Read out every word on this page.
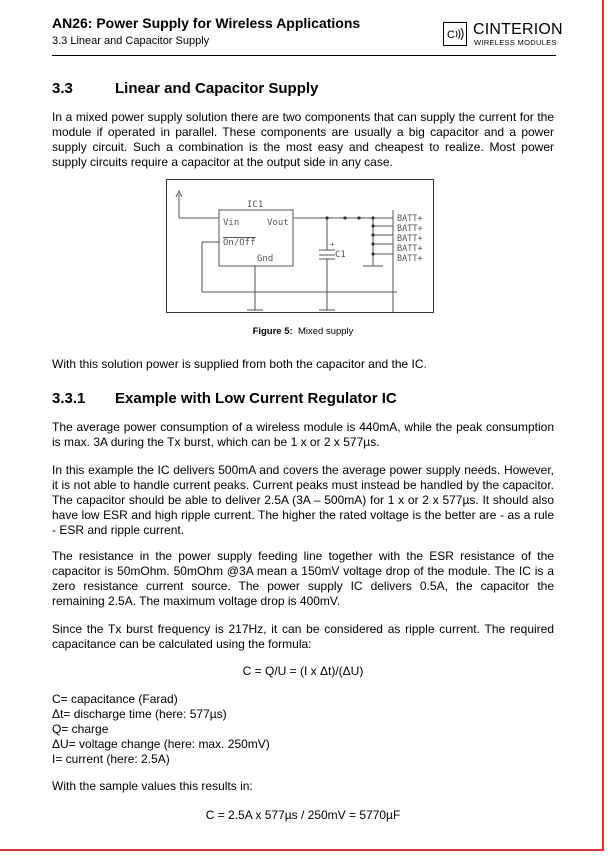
AN26: Power Supply for Wireless Applications
3.3 Linear and Capacitor Supply	C CINTERION
WIRELESS MODULES
3.3	Linear and Capacitor Supply
In a mixed power supply solution there are two components that can supply the current for the module if operated in parallel. These components are usually a big capacitor and a power supply circuit. Such a combination is the most easy and cheapest to realize. Most power supply circuits require a capacitor at the output side in any case.
IC1
Vin	Vout
On/Off
Gnd
+
C1
BATT+
BATT+
BATT+
BATT+
BATT+
Figure 5: Mixed supply
With this solution power is supplied from both the capacitor and the IC.
3.3.1 Example with Low Current Regulator IC
The average power consumption of a wireless module is 440mA, while the peak consumption is max. 3A during the Tx burst, which can be 1 x or 2 x 577µs.
In this example the IC delivers 500mA and covers the average power supply needs. However, it is not able to handle current peaks. Current peaks must instead be handled by the capacitor. The capacitor should be able to deliver 2.5A (3A – 500mA) for 1 x or 2 x 577µs. It should also have low ESR and high ripple current. The higher the rated voltage is the better are - as a rule - ESR and ripple current.
The resistance in the power supply feeding line together with the ESR resistance of the capacitor is 50mOhm. 50mOhm @3A mean a 150mV voltage drop of the module. The IC is a zero resistance current source. The power supply IC delivers 0.5A, the capacitor the remaining 2.5A. The maximum voltage drop is 400mV.
Since the Tx burst frequency is 217Hz, it can be considered as ripple current. The required capacitance can be calculated using the formula:
C = Q/U = (I x Δt)/(ΔU)
C= capacitance (Farad)
Δt= discharge time (here: 577µs)
Q= charge
ΔU= voltage change (here: max. 250mV)
I= current (here: 2.5A)
With the sample values this results in:
C = 2.5A x 577µs / 250mV = 5770µF
